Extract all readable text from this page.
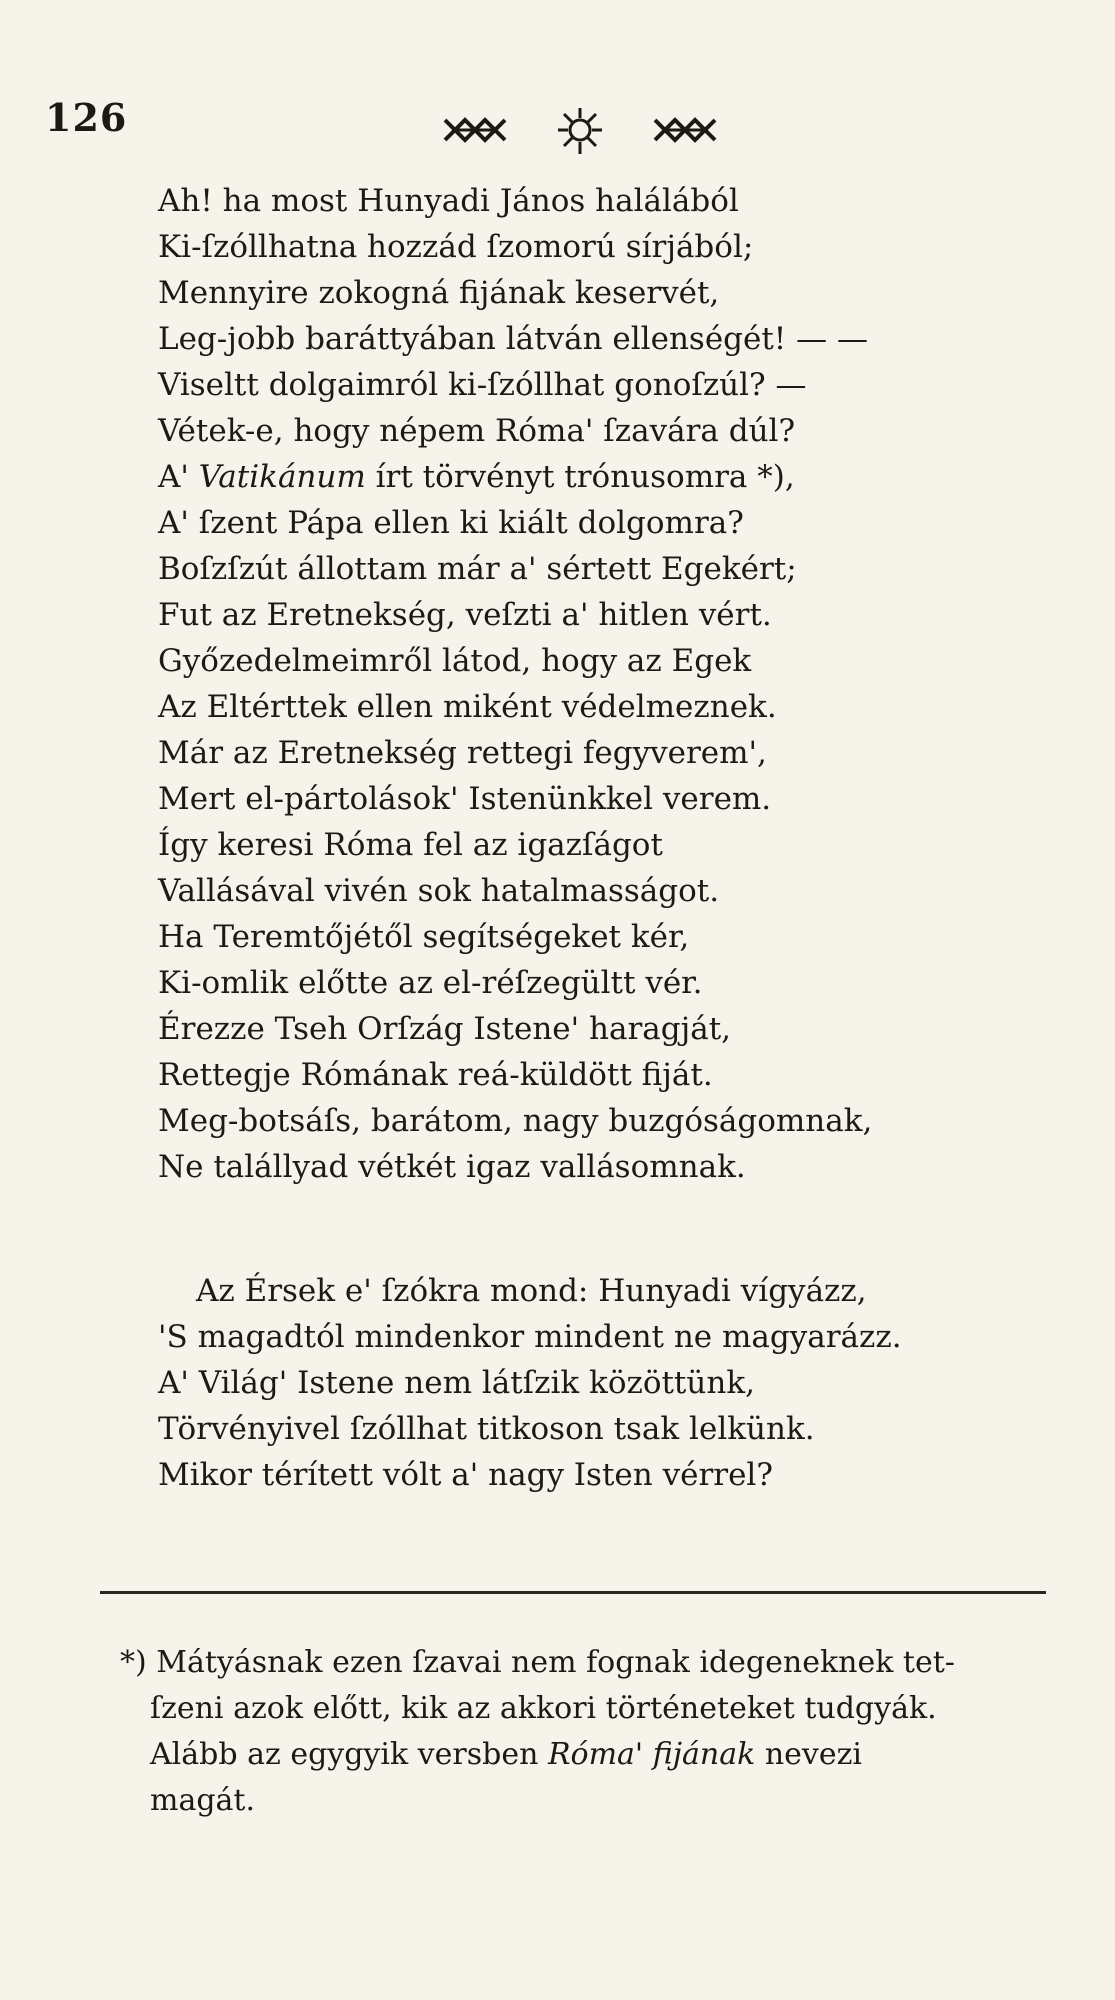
126
Ah! ha most Hunyadi János halálából
Ki-ſzóllhatna hozzád ſzomorú sírjából;
Mennyire zokogná fijának keservét,
Leg-jobb baráttyában látván ellenségét! — —
Viseltt dolgaimról ki-ſzóllhat gonoſzúl? —
Vétek-e, hogy népem Róma' ſzavára dúl?
A' Vatikánum írt törvényt trónusomra *),
A' ſzent Pápa ellen ki kiált dolgomra?
Boſzſzút állottam már a' sértett Egekért;
Fut az Eretnekség, veſzti a' hitlen vért.
Győzedelmeimről látod, hogy az Egek
Az Eltérttek ellen miként védelmeznek.
Már az Eretnekség rettegi fegyverem',
Mert el-pártolások' Istenünkkel verem.
Így keresi Róma fel az igazſágot
Vallásával vivén sok hatalmasságot.
Ha Teremtőjétől segítségeket kér,
Ki-omlik előtte az el-réſzegültt vér.
Érezze Tseh Orſzág Istene' haragját,
Rettegje Rómának reá-küldött fiját.
Meg-botsáſs, barátom, nagy buzgóságomnak,
Ne talállyad vétkét igaz vallásomnak.
Az Érsek e' ſzókra mond: Hunyadi vígyázz,
'S magadtól mindenkor mindent ne magyarázz.
A' Világ' Istene nem látſzik közöttünk,
Törvényivel ſzóllhat titkoson tsak lelkünk.
Mikor térített vólt a' nagy Isten vérrel?
*) Mátyásnak ezen ſzavai nem fognak idegeneknek tet-
ſzeni azok előtt, kik az akkori történeteket tudgyák.
Alább az egygyik versben Róma' fijának nevezi
magát.
